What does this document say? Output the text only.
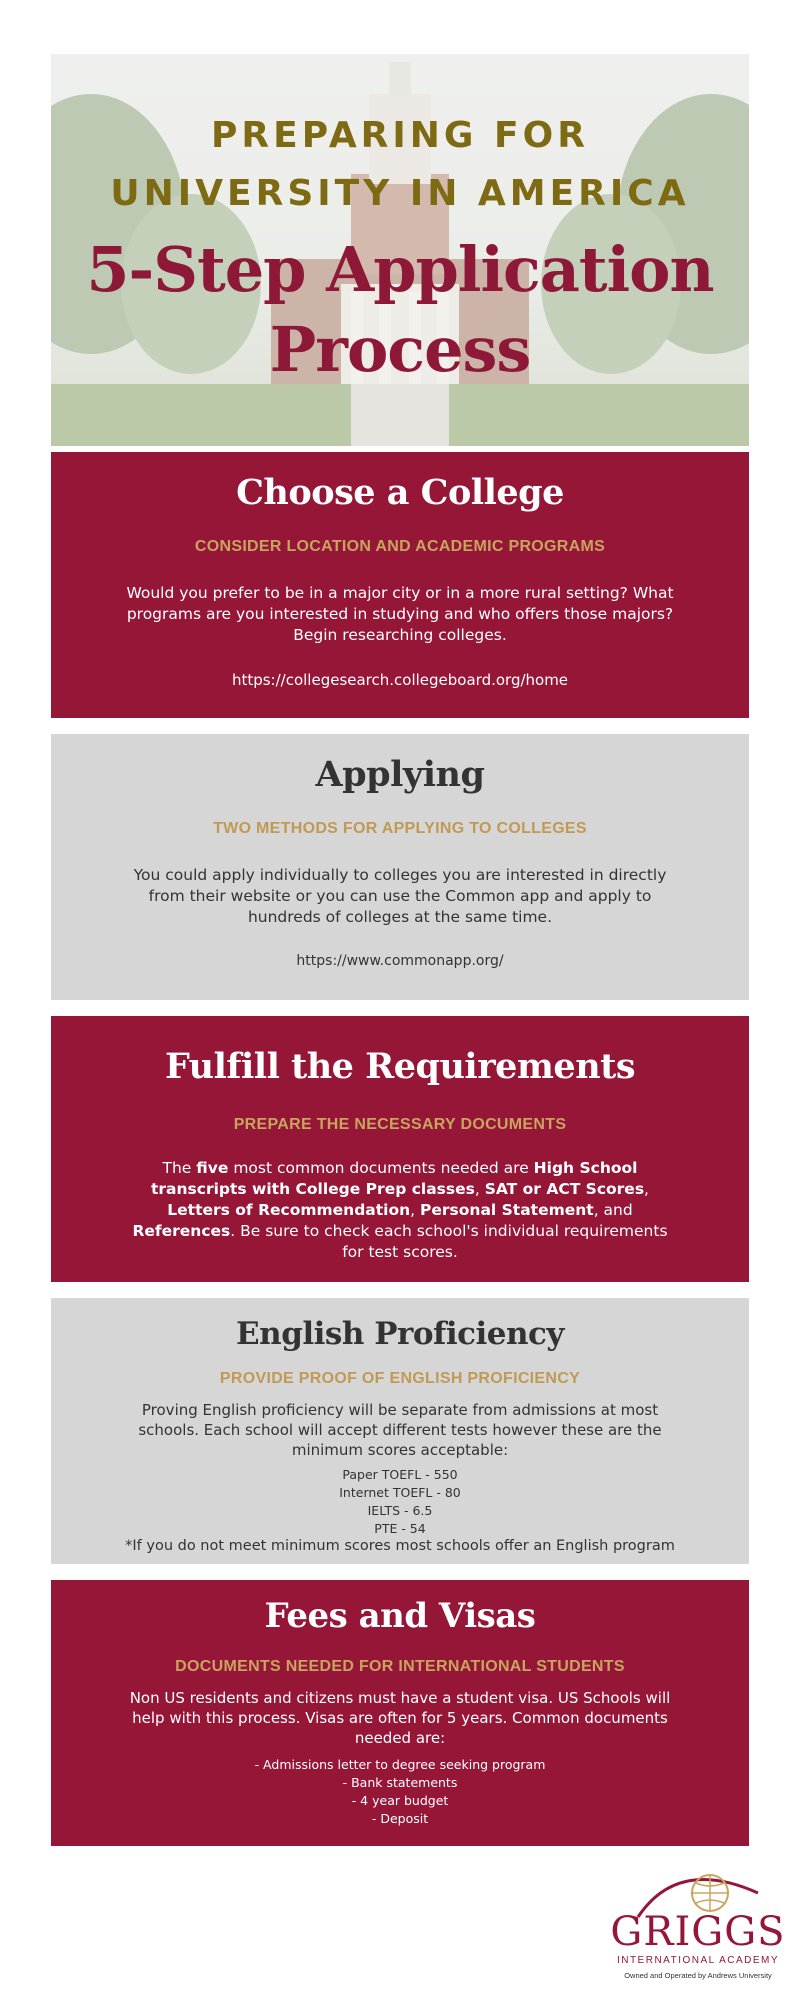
PREPARING FOR
UNIVERSITY IN AMERICA
5-Step Application
Process
Choose a College
CONSIDER LOCATION AND ACADEMIC PROGRAMS
Would you prefer to be in a major city or in a more rural setting? What programs are you interested in studying and who offers those majors? Begin researching colleges.
https://collegesearch.collegeboard.org/home
Applying
TWO METHODS FOR APPLYING TO COLLEGES
You could apply individually to colleges you are interested in directly from their website or you can use the Common app and apply to hundreds of colleges at the same time.
https://www.commonapp.org/
Fulfill the Requirements
PREPARE THE NECESSARY DOCUMENTS
The five most common documents needed are High School transcripts with College Prep classes, SAT or ACT Scores, Letters of Recommendation, Personal Statement, and References. Be sure to check each school's individual requirements for test scores.
English Proficiency
PROVIDE PROOF OF ENGLISH PROFICIENCY
Proving English proficiency will be separate from admissions at most schools. Each school will accept different tests however these are the minimum scores acceptable:
Paper TOEFL - 550
Internet TOEFL - 80
IELTS - 6.5
PTE - 54
*If you do not meet minimum scores most schools offer an English program
Fees and Visas
DOCUMENTS NEEDED FOR INTERNATIONAL STUDENTS
Non US residents and citizens must have a student visa. US Schools will help with this process. Visas are often for 5 years. Common documents needed are:
- Admissions letter to degree seeking program
- Bank statements
- 4 year budget
- Deposit
GRIGGS
INTERNATIONAL ACADEMY
Owned and Operated by Andrews University
